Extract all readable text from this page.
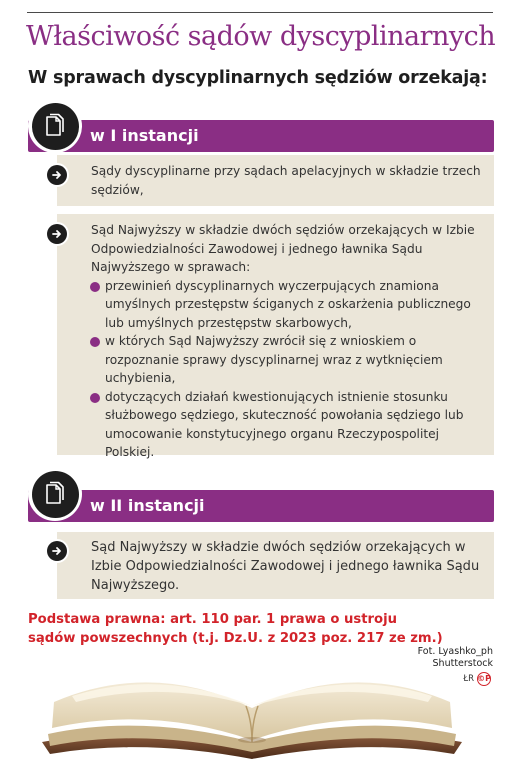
Właściwość sądów dyscyplinarnych
W sprawach dyscyplinarnych sędziów orzekają:
w I instancji

Sądy dyscyplinarne przy sądach apelacyjnych w składzie trzech sędziów,

Sąd Najwyższy w składzie dwóch sędziów orzekających w Izbie Odpowiedzialności Zawodowej i jednego ławnika Sądu Najwyższego w sprawach:

przewinień dyscyplinarnych wyczerpujących znamiona umyślnych przestępstw ściganych z oskarżenia publicznego lub umyślnych przestępstw skarbowych,
w których Sąd Najwyższy zwrócił się z wnioskiem o rozpoznanie sprawy dyscyplinarnej wraz z wytknięciem uchybienia,
dotyczących działań kwestionujących istnienie stosunku służbowego sędziego, skuteczność powołania sędziego lub umocowanie konstytucyjnego organu Rzeczypospolitej Polskiej.
w II instancji

Sąd Najwyższy w składzie dwóch sędziów orzekających w Izbie Odpowiedzialności Zawodowej i jednego ławnika Sądu Najwyższego.

Podstawa prawna: art. 110 par. 1 prawa o ustroju sądów powszechnych (t.j. Dz.U. z 2023 poz. 217 ze zm.)

Fot. Lyashko_ph
Shutterstock
ŁR ©P
